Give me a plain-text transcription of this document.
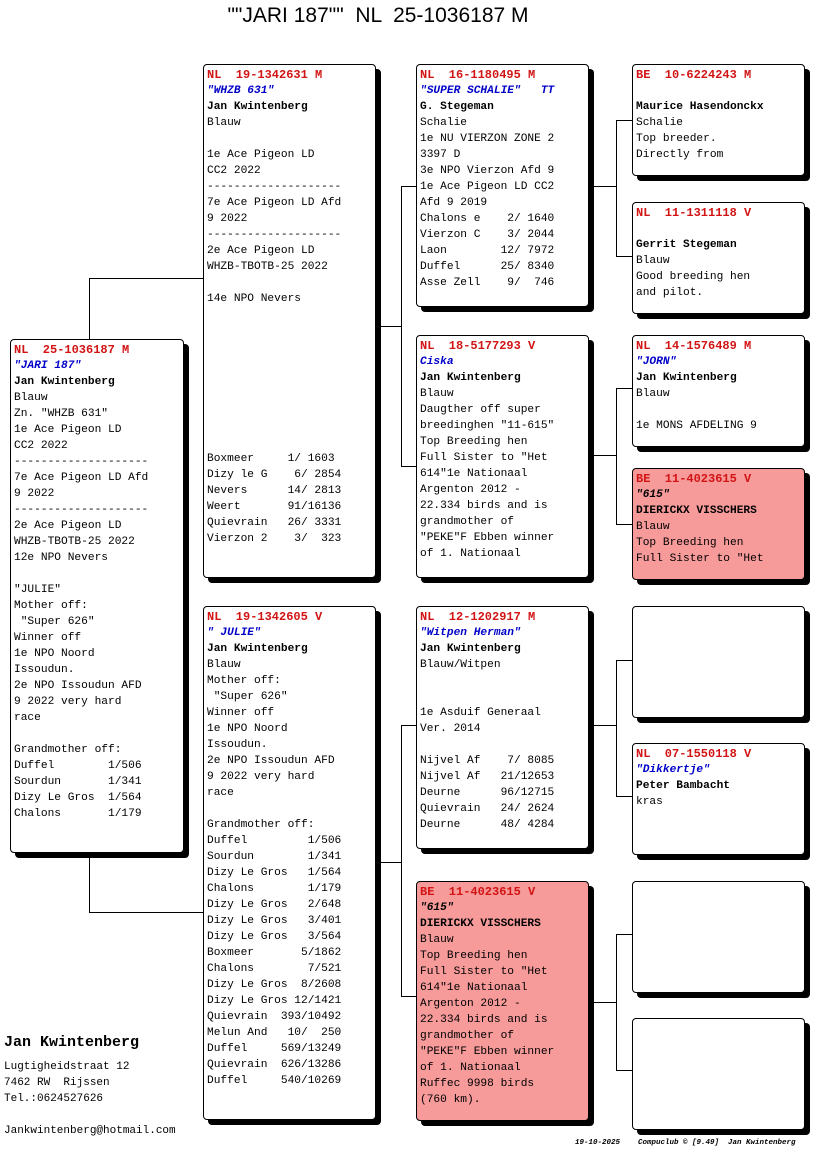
""JARI 187""  NL  25-1036187 M
NL  25-1036187 M
"JARI 187"
Jan Kwintenberg
Blauw
Zn. "WHZB 631"
1e Ace Pigeon LD
CC2 2022
--------------------
7e Ace Pigeon LD Afd
9 2022
--------------------
2e Ace Pigeon LD
WHZB-TBOTB-25 2022
12e NPO Nevers
"JULIE"
Mother off:
"Super 626"
Winner off
1e NPO Noord
Issoudun.
2e NPO Issoudun AFD
9 2022 very hard
race
Grandmother off:
Duffel        1/506
Sourdun       1/341
Dizy Le Gros  1/564
Chalons       1/179
NL  19-1342631 M
"WHZB 631"
Jan Kwintenberg
Blauw
1e Ace Pigeon LD
CC2 2022
--------------------
7e Ace Pigeon LD Afd
9 2022
--------------------
2e Ace Pigeon LD
WHZB-TBOTB-25 2022
14e NPO Nevers
Boxmeer     1/ 1603
Dizy le G    6/ 2854
Nevers      14/ 2813
Weert       91/16136
Quievrain   26/ 3331
Vierzon 2    3/  323
NL  19-1342605 V
" JULIE"
Jan Kwintenberg
Blauw
Mother off:
"Super 626"
Winner off
1e NPO Noord
Issoudun.
2e NPO Issoudun AFD
9 2022 very hard
race
Grandmother off:
Duffel         1/506
Sourdun        1/341
Dizy Le Gros   1/564
Chalons        1/179
Dizy Le Gros   2/648
Dizy Le Gros   3/401
Dizy Le Gros   3/564
Boxmeer       5/1862
Chalons        7/521
Dizy Le Gros  8/2608
Dizy Le Gros 12/1421
Quievrain  393/10492
Melun And   10/  250
Duffel     569/13249
Quievrain  626/13286
Duffel     540/10269
NL  16-1180495 M
"SUPER SCHALIE"   TT
G. Stegeman
Schalie
1e NU VIERZON ZONE 2
3397 D
3e NPO Vierzon Afd 9
1e Ace Pigeon LD CC2
Afd 9 2019
Chalons e    2/ 1640
Vierzon C    3/ 2044
Laon        12/ 7972
Duffel      25/ 8340
Asse Zell    9/  746
NL  18-5177293 V
Ciska
Jan Kwintenberg
Blauw
Daugther off super
breedinghen "11-615"
Top Breeding hen
Full Sister to "Het
614"1e Nationaal
Argenton 2012 -
22.334 birds and is
grandmother of
"PEKE"F Ebben winner
of 1. Nationaal
NL  12-1202917 M
"Witpen Herman"
Jan Kwintenberg
Blauw/Witpen
1e Asduif Generaal
Ver. 2014
Nijvel Af    7/ 8085
Nijvel Af   21/12653
Deurne      96/12715
Quievrain   24/ 2624
Deurne      48/ 4284
BE  11-4023615 V
"615"
DIERICKX VISSCHERS
Blauw
Top Breeding hen
Full Sister to "Het
614"1e Nationaal
Argenton 2012 -
22.334 birds and is
grandmother of
"PEKE"F Ebben winner
of 1. Nationaal
Ruffec 9998 birds
(760 km).
BE  10-6224243 M
Maurice Hasendonckx
Schalie
Top breeder.
Directly from
NL  11-1311118 V
Gerrit Stegeman
Blauw
Good breeding hen
and pilot.
NL  14-1576489 M
"JORN"
Jan Kwintenberg
Blauw
1e MONS AFDELING 9
BE  11-4023615 V
"615"
DIERICKX VISSCHERS
Blauw
Top Breeding hen
Full Sister to "Het
NL  07-1550118 V
"Dikkertje"
Peter Bambacht
kras
Jan Kwintenberg
Lugtigheidstraat 12
7462 RW  Rijssen
Tel.:0624527626
Jankwintenberg@hotmail.com
19-10-2025    Compuclub © [9.49]  Jan Kwintenberg
